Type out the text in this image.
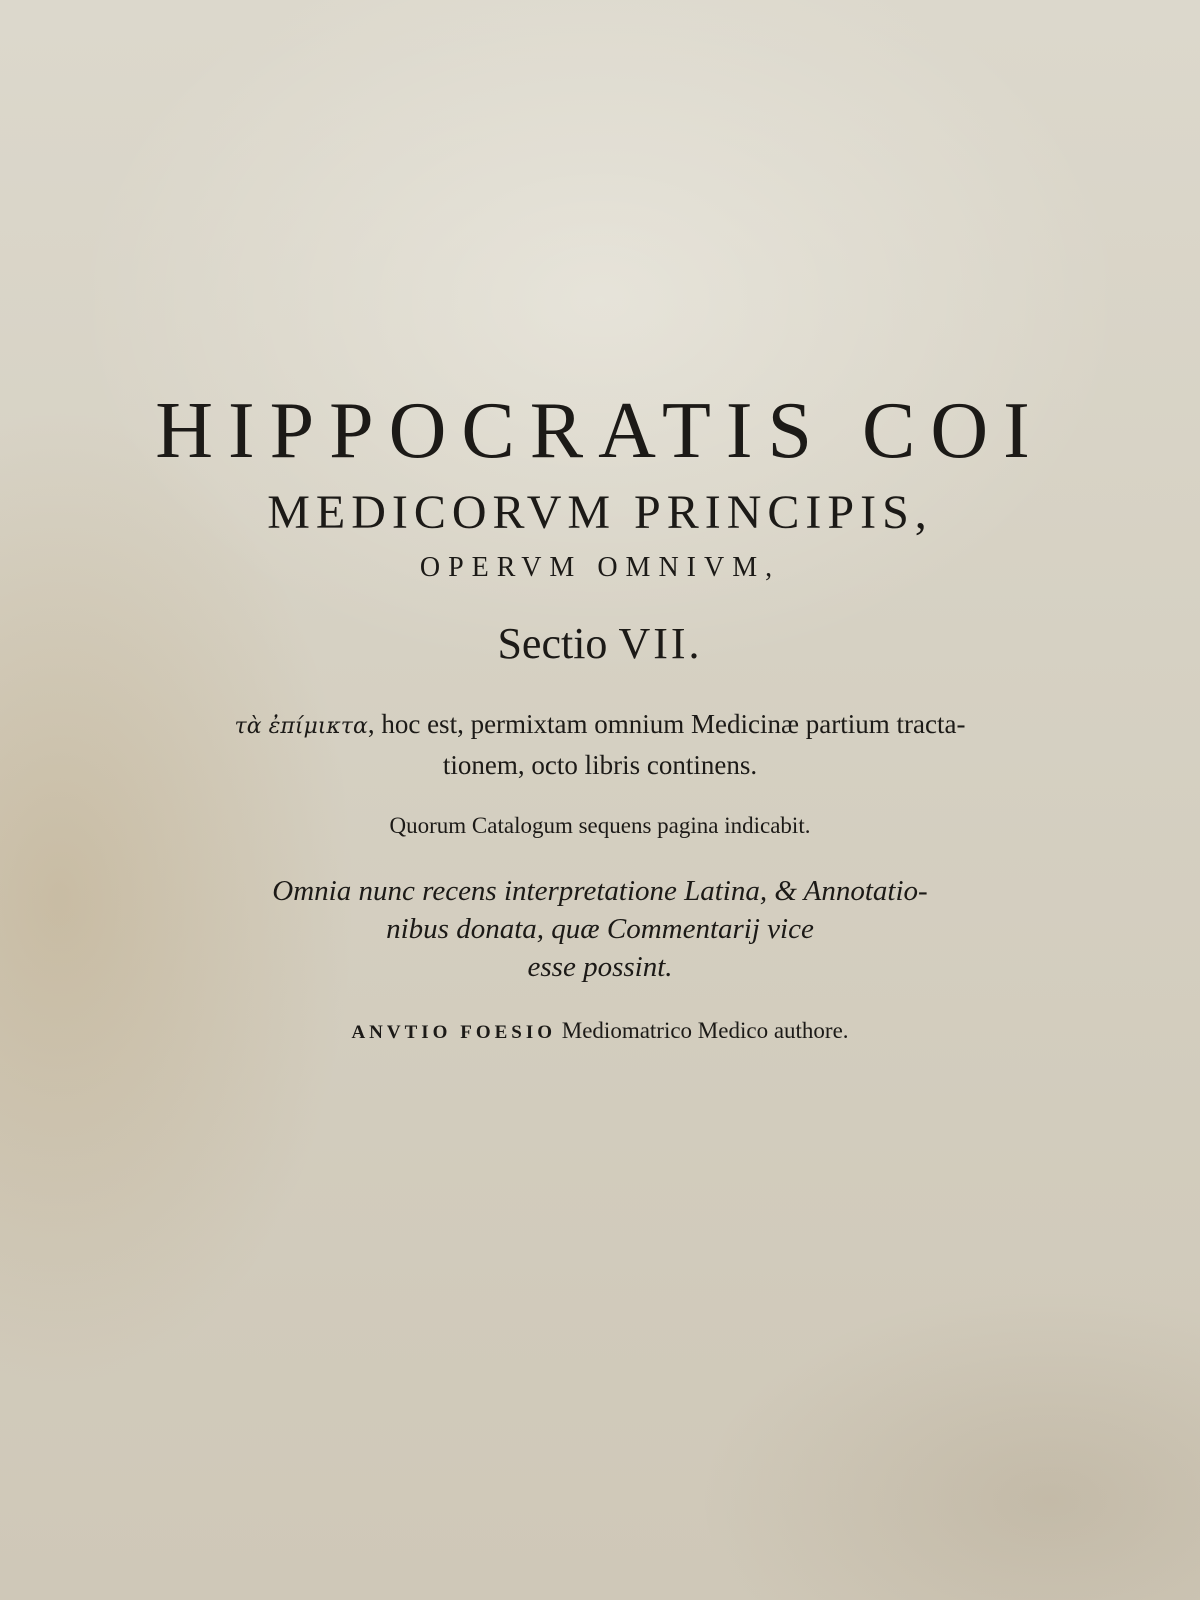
HIPPOCRATIS COI
MEDICORVM PRINCIPIS,
OPERVM OMNIVM,
Sectio VII.
τὰ ἐπίμικτα, hoc est, permixtam omnium Medicinæ partium tracta-
tionem, octo libris continens.
Quorum Catalogum sequens pagina indicabit.
Omnia nunc recens interpretatione Latina, & Annotatio-
nibus donata, quæ Commentarij vice
esse possint.
ANVTIO FOESIO Mediomatrico Medico authore.
